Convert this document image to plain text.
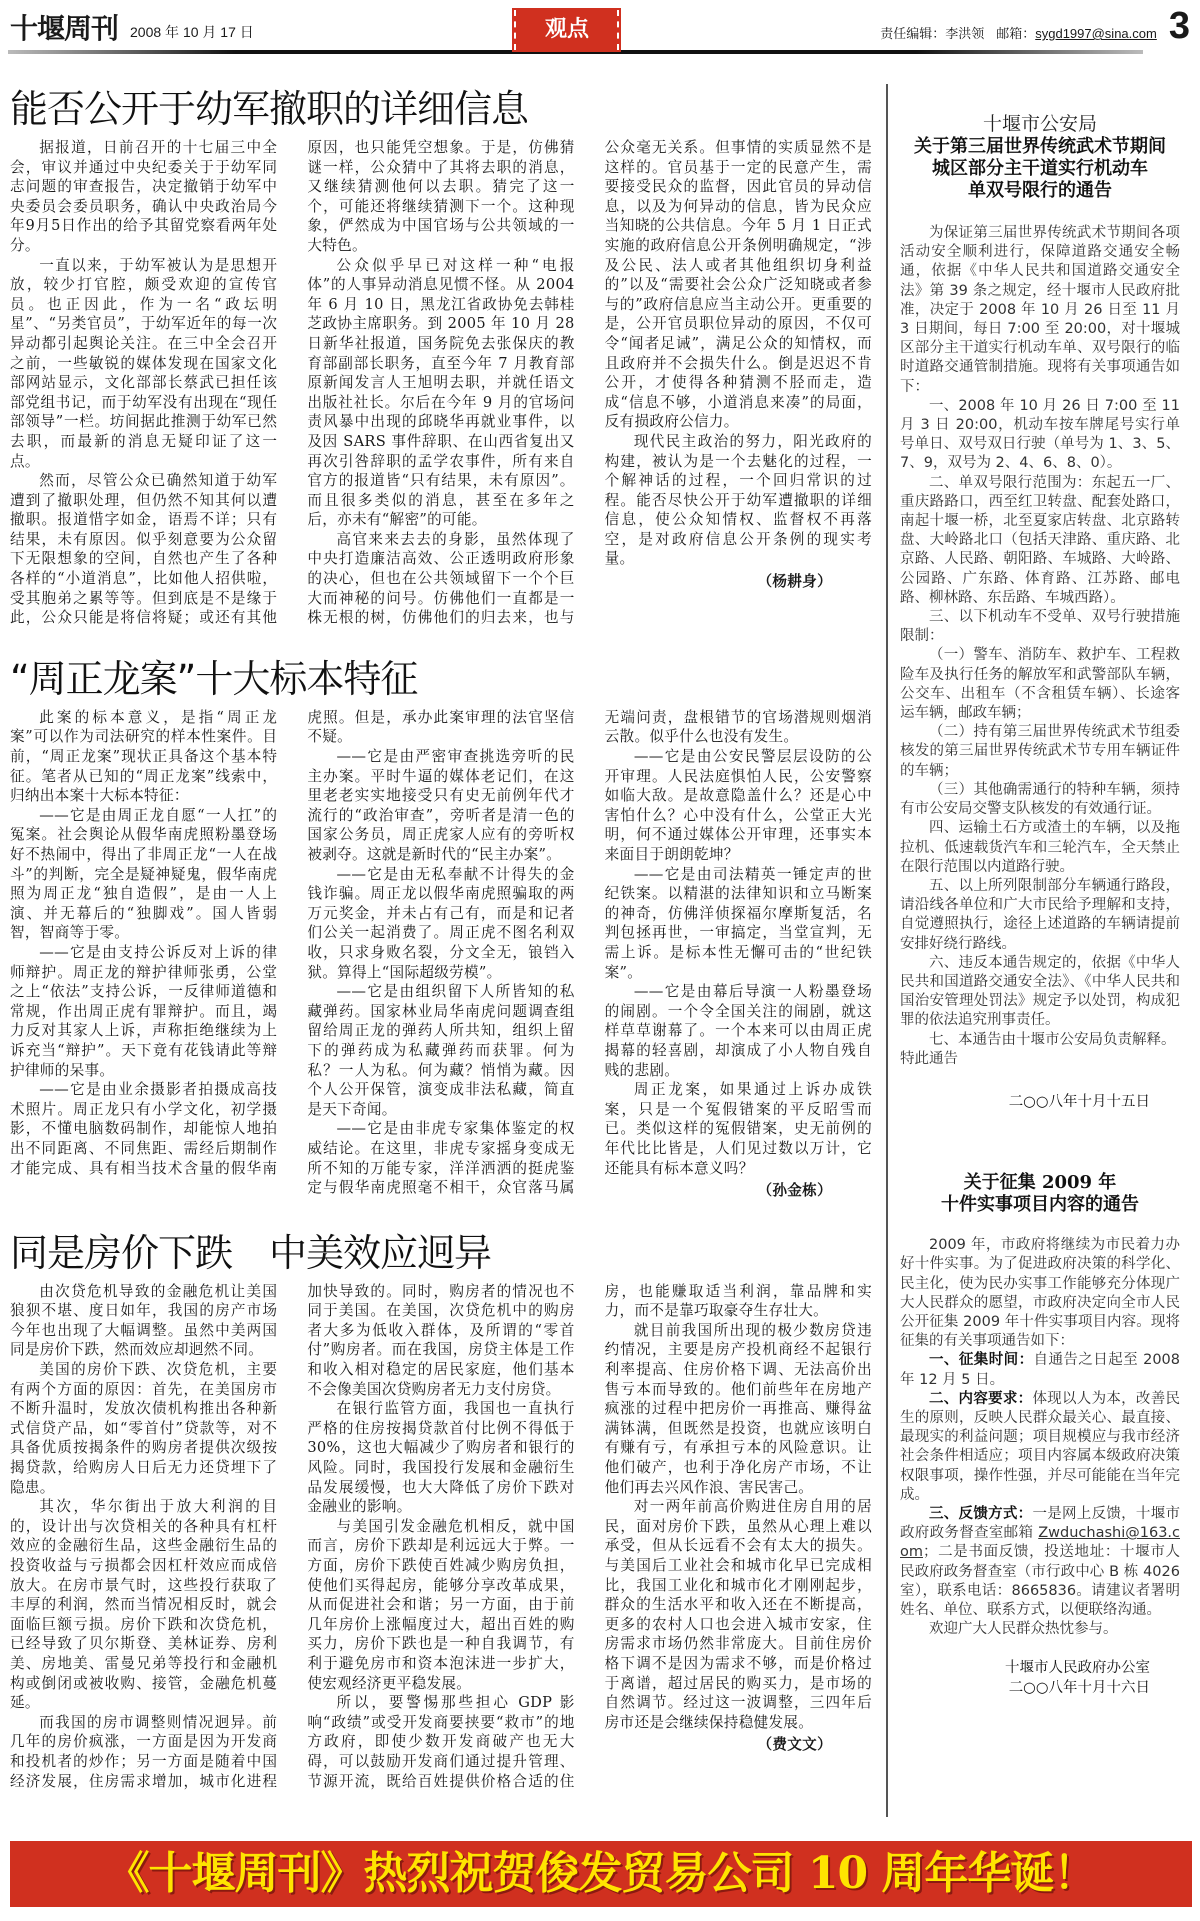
十堰周刊 2008 年 10 月 17 日	观点	责任编辑：李洪领 邮箱：sygd1997@sina.com 3
能否公开于幼军撤职的详细信息

据报道，日前召开的十七届三中全会，审议并通过中央纪委关于于幼军同志问题的审查报告，决定撤销于幼军中央委员会委员职务，确认中央政治局今年9月5日作出的给予其留党察看两年处分。

一直以来，于幼军被认为是思想开放，较少打官腔，颇受欢迎的宣传官员。也正因此，作为一名“政坛明星”、“另类官员”，于幼军近年的每一次异动都引起舆论关注。在三中全会召开之前，一些敏锐的媒体发现在国家文化部网站显示，文化部部长蔡武已担任该部党组书记，而于幼军没有出现在“现任部领导”一栏。坊间据此推测于幼军已然去职，而最新的消息无疑印证了这一点。

然而，尽管公众已确然知道于幼军遭到了撤职处理，但仍然不知其何以遭撤职。报道惜字如金，语焉不详；只有结果，未有原因。似乎刻意要为公众留下无限想象的空间，自然也产生了各种各样的“小道消息”，比如他人招供啦，受其胞弟之累等等。但到底是不是缘于此，公众只能是将信将疑；或还有其他原因，也只能凭空想象。于是，仿佛猜谜一样，公众猜中了其将去职的消息，又继续猜测他何以去职。猜完了这一个，可能还将继续猜测下一个。这种现象，俨然成为中国官场与公共领域的一大特色。

公众似乎早已对这样一种“电报体”的人事异动消息见惯不怪。从 2004 年 6 月 10 日，黑龙江省政协免去韩桂芝政协主席职务。到 2005 年 10 月 28 日新华社报道，国务院免去张保庆的教育部副部长职务，直至今年 7 月教育部原新闻发言人王旭明去职，并就任语文出版社社长。尔后在今年 9 月的官场问责风暴中出现的邱晓华再就业事件，以及因 SARS 事件辞职、在山西省复出又再次引咎辞职的孟学农事件，所有来自官方的报道皆“只有结果，未有原因”。而且很多类似的消息，甚至在多年之后，亦未有“解密”的可能。

高官来来去去的身影，虽然体现了中央打造廉洁高效、公正透明政府形象的决心，但也在公共领域留下一个个巨大而神秘的问号。仿佛他们一直都是一株无根的树，仿佛他们的归去来，也与公众毫无关系。但事情的实质显然不是这样的。官员基于一定的民意产生，需要接受民众的监督，因此官员的异动信息，以及为何异动的信息，皆为民众应当知晓的公共信息。今年 5 月 1 日正式实施的政府信息公开条例明确规定，“涉及公民、法人或者其他组织切身利益的”以及“需要社会公众广泛知晓或者参与的”政府信息应当主动公开。更重要的是，公开官员职位异动的原因，不仅可令“闻者足诫”，满足公众的知情权，而且政府并不会损失什么。倒是迟迟不肯公开，才使得各种猜测不胫而走，造成“信息不够，小道消息来凑”的局面，反有损政府公信力。

现代民主政治的努力，阳光政府的构建，被认为是一个去魅化的过程，一个解神话的过程，一个回归常识的过程。能否尽快公开于幼军遭撤职的详细信息，使公众知情权、监督权不再落空，是对政府信息公开条例的现实考量。

（杨耕身）

“周正龙案”十大标本特征

此案的标本意义，是指“周正龙案”可以作为司法研究的样本性案件。目前，“周正龙案”现状正具备这个基本特征。笔者从已知的“周正龙案”线索中，归纳出本案十大标本特征：

——它是由周正龙自愿“一人扛”的冤案。社会舆论从假华南虎照粉墨登场好不热闹中，得出了非周正龙“一人在战斗”的判断，完全是疑神疑鬼，假华南虎照为周正龙“独自造假”，是由一人上演、并无幕后的“独脚戏”。国人皆弱智，智商等于零。

——它是由支持公诉反对上诉的律师辩护。周正龙的辩护律师张勇，公堂之上“依法”支持公诉，一反律师道德和常规，作出周正虎有罪辩护。而且，竭力反对其家人上诉，声称拒绝继续为上诉充当“辩护”。天下竟有花钱请此等辩护律师的呆事。

——它是由业余摄影者拍摄成高技术照片。周正龙只有小学文化，初学摄影，不懂电脑数码制作，却能惊人地拍出不同距离、不同焦距、需经后期制作才能完成、具有相当技术含量的假华南虎照。但是，承办此案审理的法官坚信不疑。

——它是由严密审查挑选旁听的民主办案。平时牛逼的媒体老记们，在这里老老实实地接受只有史无前例年代才流行的“政治审查”，旁听者是清一色的国家公务员，周正虎家人应有的旁听权被剥夺。这就是新时代的“民主办案”。

——它是由无私奉献不计得失的金钱诈骗。周正龙以假华南虎照骗取的两万元奖金，并未占有己有，而是和记者们公关一起消费了。周正虎不图名利双收，只求身败名裂，分文全无，锒铛入狱。算得上“国际超级劳模”。

——它是由组织留下人所皆知的私藏弹药。国家林业局华南虎问题调查组留给周正龙的弹药人所共知，组织上留下的弹药成为私藏弹药而获罪。何为私？一人为私。何为藏？悄悄为藏。因个人公开保管，演变成非法私藏，简直是天下奇闻。

——它是由非虎专家集体鉴定的权威结论。在这里，非虎专家摇身变成无所不知的万能专家，洋洋洒洒的挺虎鉴定与假华南虎照毫不相干，众官落马属无端问责，盘根错节的官场潜规则烟消云散。似乎什么也没有发生。

——它是由公安民警层层设防的公开审理。人民法庭惧怕人民，公安警察如临大敌。是故意隐盖什么？还是心中害怕什么？心中没有什么，公堂正大光明，何不通过媒体公开审理，还事实本来面目于朗朗乾坤？

——它是由司法精英一锤定声的世纪铁案。以精湛的法律知识和立马断案的神奇，仿佛洋侦探福尔摩斯复活，名判包拯再世，一审搞定，当堂宣判，无需上诉。是标本性无懈可击的“世纪铁案”。

——它是由幕后导演一人粉墨登场的闹剧。一个令全国关注的闹剧，就这样草草谢幕了。一个本来可以由周正虎揭幕的轻喜剧，却演成了小人物自残自贱的悲剧。

周正龙案，如果通过上诉办成铁案，只是一个冤假错案的平反昭雪而已。类似这样的冤假错案，史无前例的年代比比皆是，人们见过数以万计，它还能具有标本意义吗？

（孙金栋）

同是房价下跌　中美效应迥异

由次贷危机导致的金融危机让美国狼狈不堪、度日如年，我国的房产市场今年也出现了大幅调整。虽然中美两国同是房价下跌，然而效应却迥然不同。

美国的房价下跌、次贷危机，主要有两个方面的原因：首先，在美国房市不断升温时，发放次债机构推出各种新式信贷产品，如“零首付”贷款等，对不具备优质按揭条件的购房者提供次级按揭贷款，给购房人日后无力还贷埋下了隐患。

其次，华尔街出于放大利润的目的，设计出与次贷相关的各种具有杠杆效应的金融衍生品，这些金融衍生品的投资收益与亏损都会因杠杆效应而成倍放大。在房市景气时，这些投行获取了丰厚的利润，然而当情况相反时，就会面临巨额亏损。房价下跌和次贷危机，已经导致了贝尔斯登、美林证券、房利美、房地美、雷曼兄弟等投行和金融机构或倒闭或被收购、接管，金融危机蔓延。

而我国的房市调整则情况迥异。前几年的房价疯涨，一方面是因为开发商和投机者的炒作；另一方面是随着中国经济发展，住房需求增加，城市化进程加快导致的。同时，购房者的情况也不同于美国。在美国，次贷危机中的购房者大多为低收入群体，及所谓的“零首付”购房者。而在我国，房贷主体是工作和收入相对稳定的居民家庭，他们基本不会像美国次贷购房者无力支付房贷。

在银行监管方面，我国也一直执行严格的住房按揭贷款首付比例不得低于30%，这也大幅减少了购房者和银行的风险。同时，我国投行发展和金融衍生品发展缓慢，也大大降低了房价下跌对金融业的影响。

与美国引发金融危机相反，就中国而言，房价下跌却是利远远大于弊。一方面，房价下跌使百姓减少购房负担，使他们买得起房，能够分享改革成果，从而促进社会和谐；另一方面，由于前几年房价上涨幅度过大，超出百姓的购买力，房价下跌也是一种自我调节，有利于避免房市和资本泡沫进一步扩大，使宏观经济更平稳发展。

所以，要警惕那些担心 GDP 影响“政绩”或受开发商要挟要“救市”的地方政府，即使少数开发商破产也无大碍，可以鼓励开发商们通过提升管理、节源开流，既给百姓提供价格合适的住房，也能赚取适当利润，靠品牌和实力，而不是靠巧取豪夺生存壮大。

就目前我国所出现的极少数房贷违约情况，主要是房产投机商经不起银行利率提高、住房价格下调、无法高价出售亏本而导致的。他们前些年在房地产疯涨的过程中把房价一再推高、赚得盆满钵满，但既然是投资，也就应该明白有赚有亏，有承担亏本的风险意识。让他们破产，也利于净化房产市场，不让他们再去兴风作浪、害民害己。

对一两年前高价购进住房自用的居民，面对房价下跌，虽然从心理上难以承受，但从长远看不会有太大的损失。与美国后工业社会和城市化早已完成相比，我国工业化和城市化才刚刚起步，群众的生活水平和收入还在不断提高，更多的农村人口也会进入城市安家，住房需求市场仍然非常庞大。目前住房价格下调不是因为需求不够，而是价格过于离谱，超过居民的购买力，是市场的自然调节。经过这一波调整，三四年后房市还是会继续保持稳健发展。

（费文文）

十堰市公安局
关于第三届世界传统武术节期间
城区部分主干道实行机动车
单双号限行的通告

为保证第三届世界传统武术节期间各项活动安全顺利进行，保障道路交通安全畅通，依据《中华人民共和国道路交通安全法》第 39 条之规定，经十堰市人民政府批准，决定于 2008 年 10 月 26 日至 11 月 3 日期间，每日 7:00 至 20:00，对十堰城区部分主干道实行机动车单、双号限行的临时道路交通管制措施。现将有关事项通告如下：

一、2008 年 10 月 26 日 7:00 至 11 月 3 日 20:00，机动车按车牌尾号实行单号单日、双号双日行驶（单号为 1、3、5、7、9，双号为 2、4、6、8、0）。

二、单双号限行范围为：东起五一厂、重庆路路口，西至红卫转盘、配套处路口，南起十堰一桥，北至夏家店转盘、北京路转盘、大岭路北口（包括天津路、重庆路、北京路、人民路、朝阳路、车城路、大岭路、公园路、广东路、体育路、江苏路、邮电路、柳林路、东岳路、车城西路）。

三、以下机动车不受单、双号行驶措施限制：

（一）警车、消防车、救护车、工程救险车及执行任务的解放军和武警部队车辆，公交车、出租车（不含租赁车辆）、长途客运车辆，邮政车辆；

（二）持有第三届世界传统武术节组委核发的第三届世界传统武术节专用车辆证件的车辆；

（三）其他确需通行的特种车辆，须持有市公安局交警支队核发的有效通行证。

四、运输土石方或渣土的车辆，以及拖拉机、低速载货汽车和三轮汽车，全天禁止在限行范围以内道路行驶。

五、以上所列限制部分车辆通行路段，请沿线各单位和广大市民给予理解和支持，自觉遵照执行，途径上述道路的车辆请提前安排好绕行路线。

六、违反本通告规定的，依据《中华人民共和国道路交通安全法》、《中华人民共和国治安管理处罚法》规定予以处罚，构成犯罪的依法追究刑事责任。

七、本通告由十堰市公安局负责解释。

特此通告

二○○八年十月十五日

关于征集 2009 年
十件实事项目内容的通告

2009 年，市政府将继续为市民着力办好十件实事。为了促进政府决策的科学化、民主化，使为民办实事工作能够充分体现广大人民群众的愿望，市政府决定向全市人民公开征集 2009 年十件实事项目内容。现将征集的有关事项通告如下：

一、征集时间：自通告之日起至 2008 年 12 月 5 日。

二、内容要求：体现以人为本，改善民生的原则，反映人民群众最关心、最直接、最现实的利益问题；项目规模应与我市经济社会条件相适应；项目内容属本级政府决策权限事项，操作性强，并尽可能能在当年完成。

三、反馈方式：一是网上反馈，十堰市政府政务督查室邮箱 Zwduchashi@163.com；二是书面反馈，投送地址：十堰市人民政府政务督查室（市行政中心 B 栋 4026 室），联系电话：8665836。请建议者署明姓名、单位、联系方式，以便联络沟通。

欢迎广大人民群众热忱参与。

十堰市人民政府办公室

二○○八年十月十六日

《十堰周刊》热烈祝贺俊发贸易公司 10 周年华诞！
